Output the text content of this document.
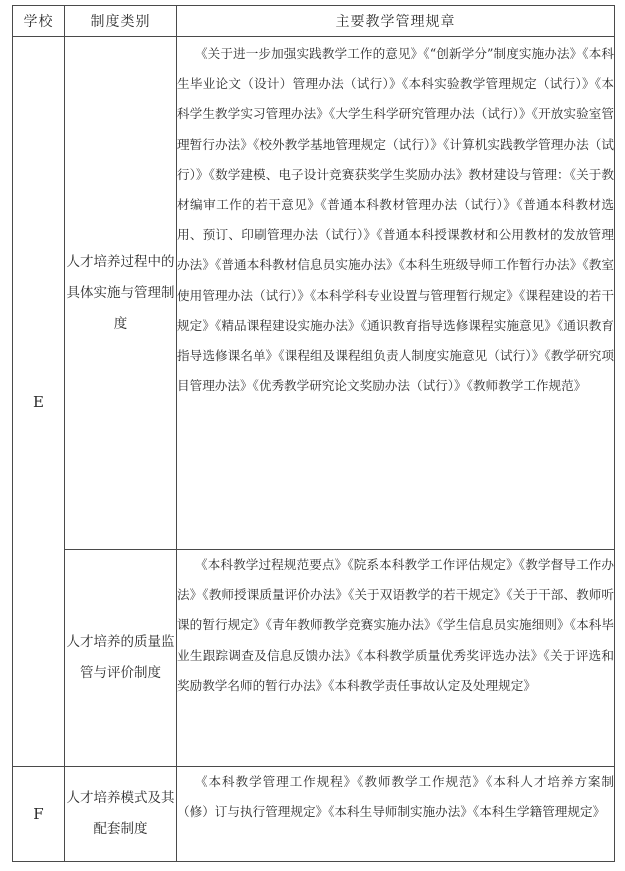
学校	制度类别	主要教学管理规章
E	人才培养过程中的具体实施与管理制度	《关于进一步加强实践教学工作的意见》《“创新学分”制度实施办法》《本科生毕业论文（设计）管理办法（试行）》《本科实验教学管理规定（试行）》《本科学生教学实习管理办法》《大学生科学研究管理办法（试行）》《开放实验室管理暂行办法》《校外教学基地管理规定（试行）》《计算机实践教学管理办法（试行）》《数学建模、电子设计竞赛获奖学生奖励办法》教材建设与管理：《关于教材编审工作的若干意见》《普通本科教材管理办法（试行）》《普通本科教材选用、预订、印刷管理办法（试行）》《普通本科授课教材和公用教材的发放管理办法》《普通本科教材信息员实施办法》《本科生班级导师工作暂行办法》《教室使用管理办法（试行）》《本科学科专业设置与管理暂行规定》《课程建设的若干规定》《精品课程建设实施办法》《通识教育指导选修课程实施意见》《通识教育指导选修课名单》《课程组及课程组负责人制度实施意见（试行）》《教学研究项目管理办法》《优秀教学研究论文奖励办法（试行）》《教师教学工作规范》
	人才培养的质量监管与评价制度	《本科教学过程规范要点》《院系本科教学工作评估规定》《教学督导工作办法》《教师授课质量评价办法》《关于双语教学的若干规定》《关于干部、教师听课的暂行规定》《青年教师教学竞赛实施办法》《学生信息员实施细则》《本科毕业生跟踪调查及信息反馈办法》《本科教学质量优秀奖评选办法》《关于评选和奖励教学名师的暂行办法》《本科教学责任事故认定及处理规定》
F	人才培养模式及其配套制度	《本科教学管理工作规程》《教师教学工作规范》《本科人才培养方案制（修）订与执行管理规定》《本科生导师制实施办法》《本科生学籍管理规定》
